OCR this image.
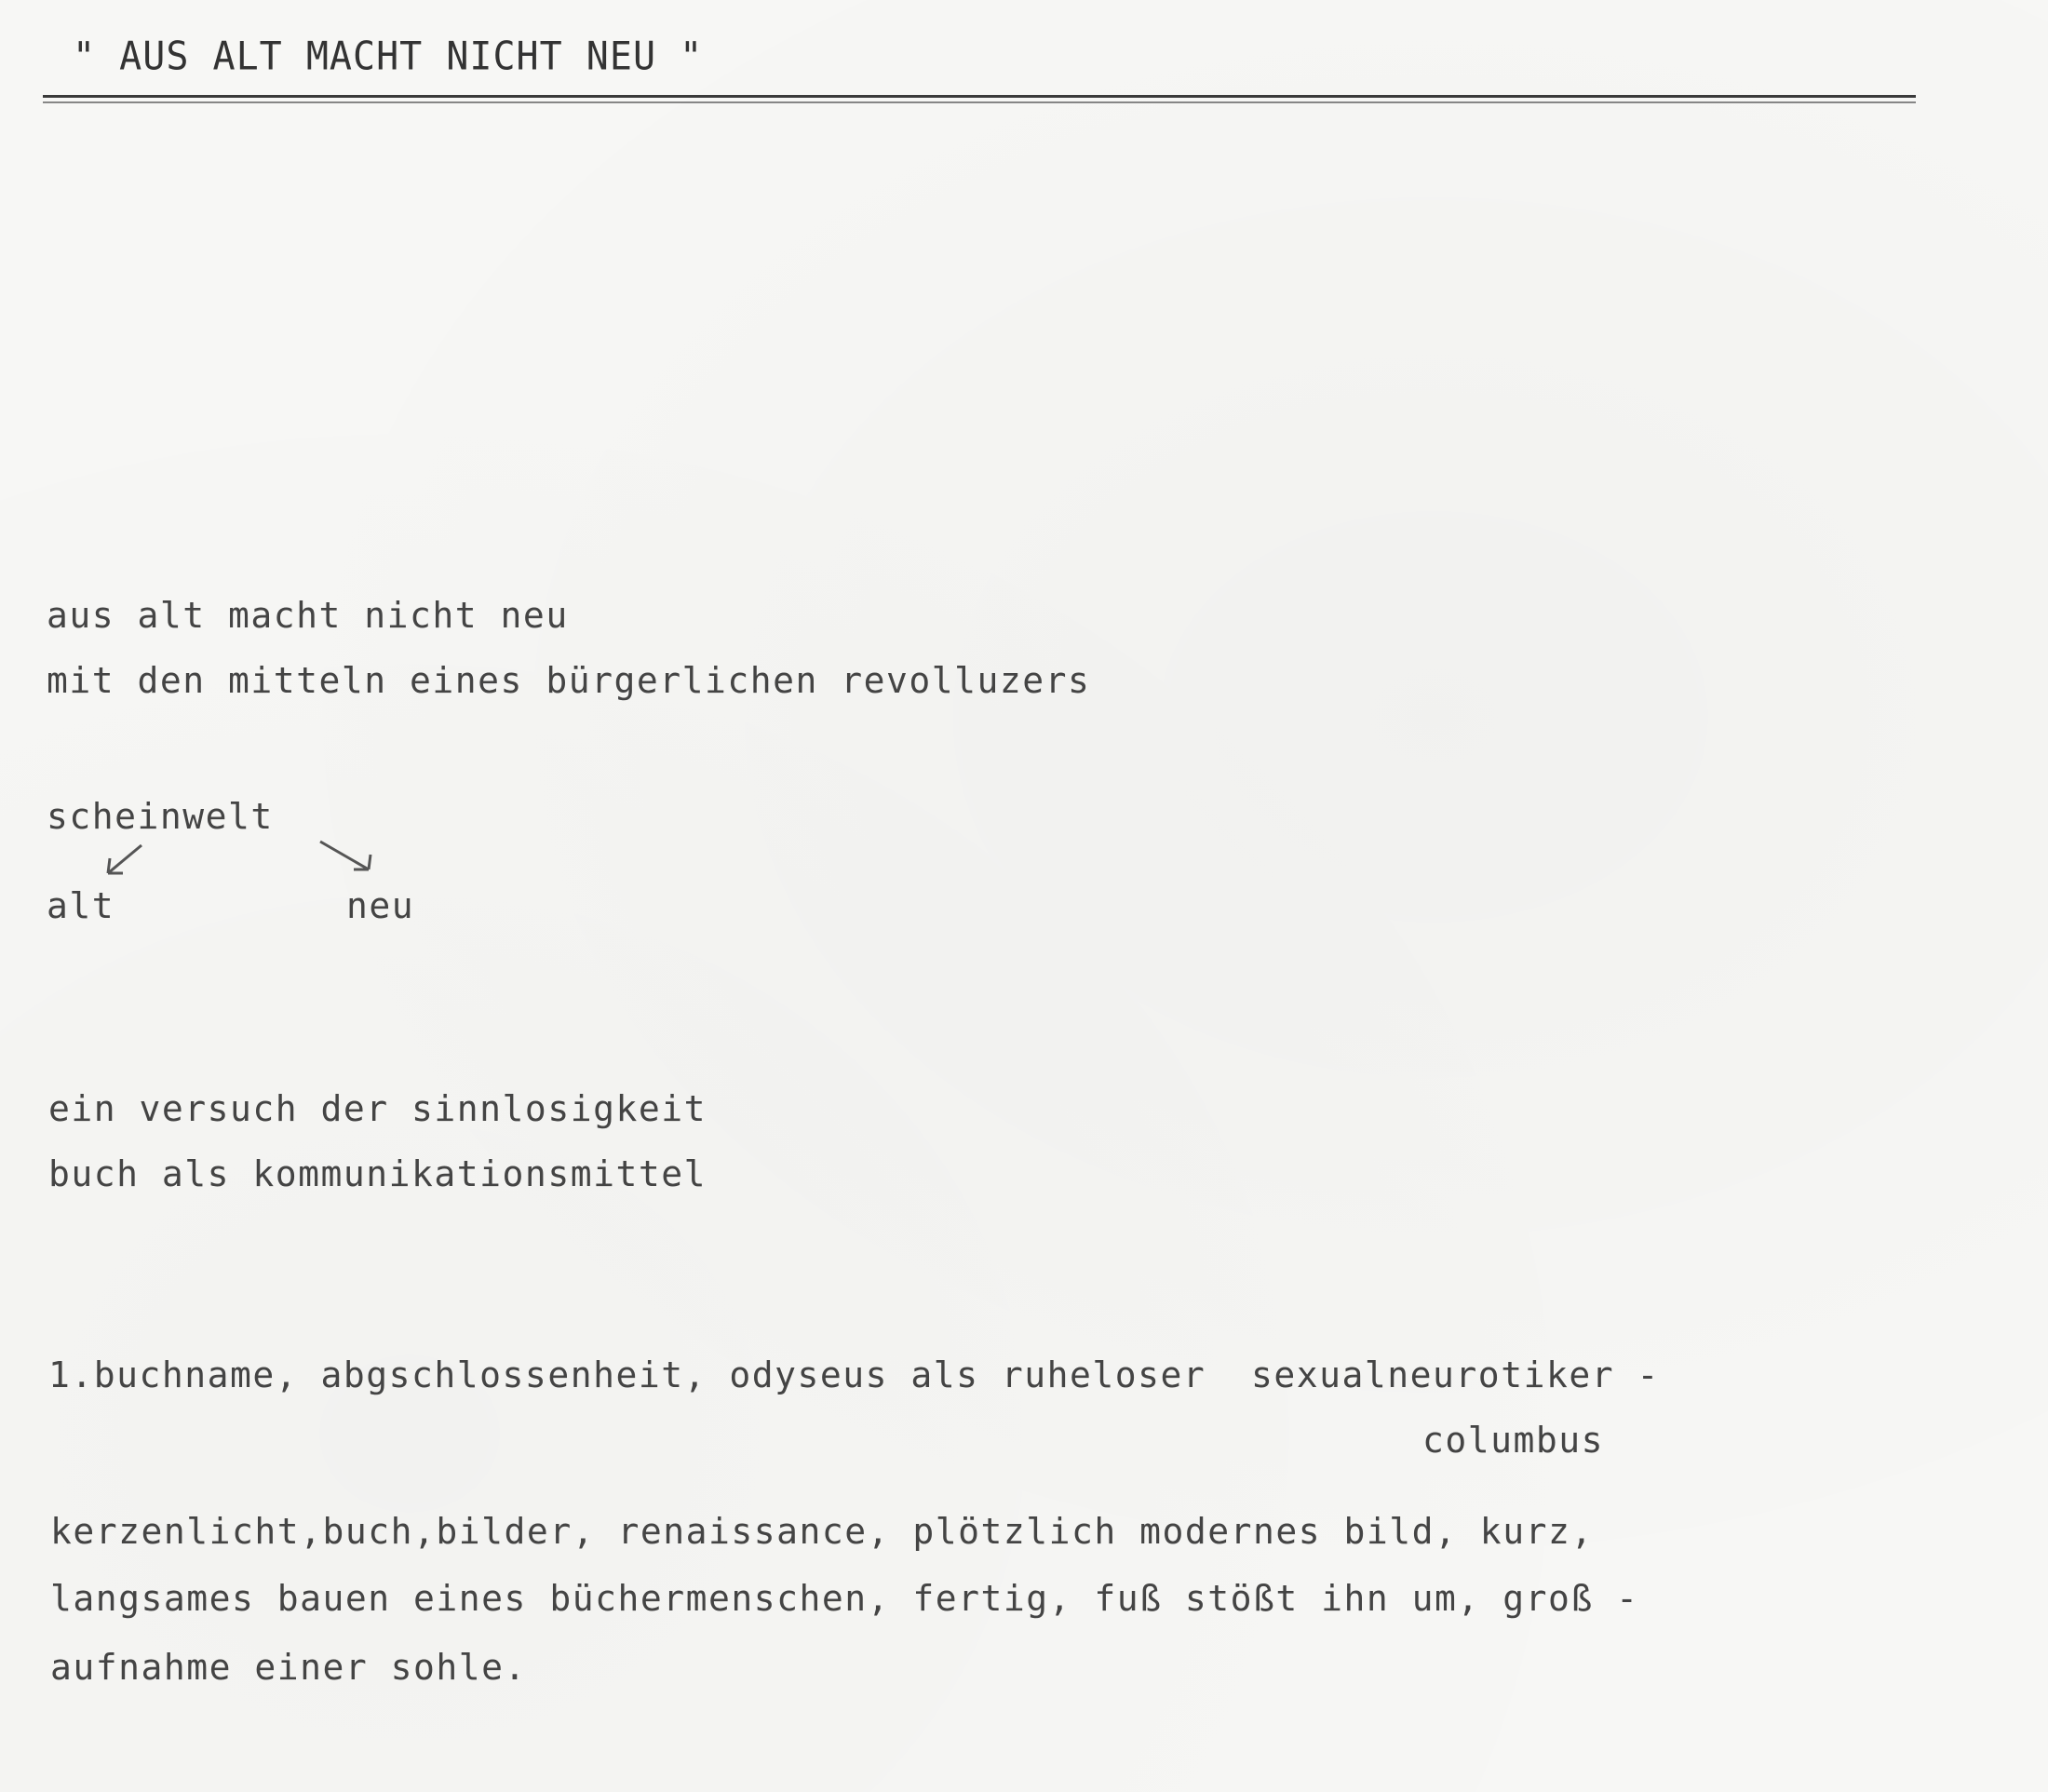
" AUS ALT MACHT NICHT NEU "
aus alt macht nicht neu
mit den mitteln eines bürgerlichen revolluzers
scheinwelt
alt	neu
ein versuch der sinnlosigkeit
buch als kommunikationsmittel
1.buchname, abgschlossenheit, odyseus als ruheloser  sexualneurotiker -
columbus
kerzenlicht,buch,bilder, renaissance, plötzlich modernes bild, kurz,
langsames bauen eines büchermenschen, fertig, fuß stößt ihn um, groß -
aufnahme einer sohle.
